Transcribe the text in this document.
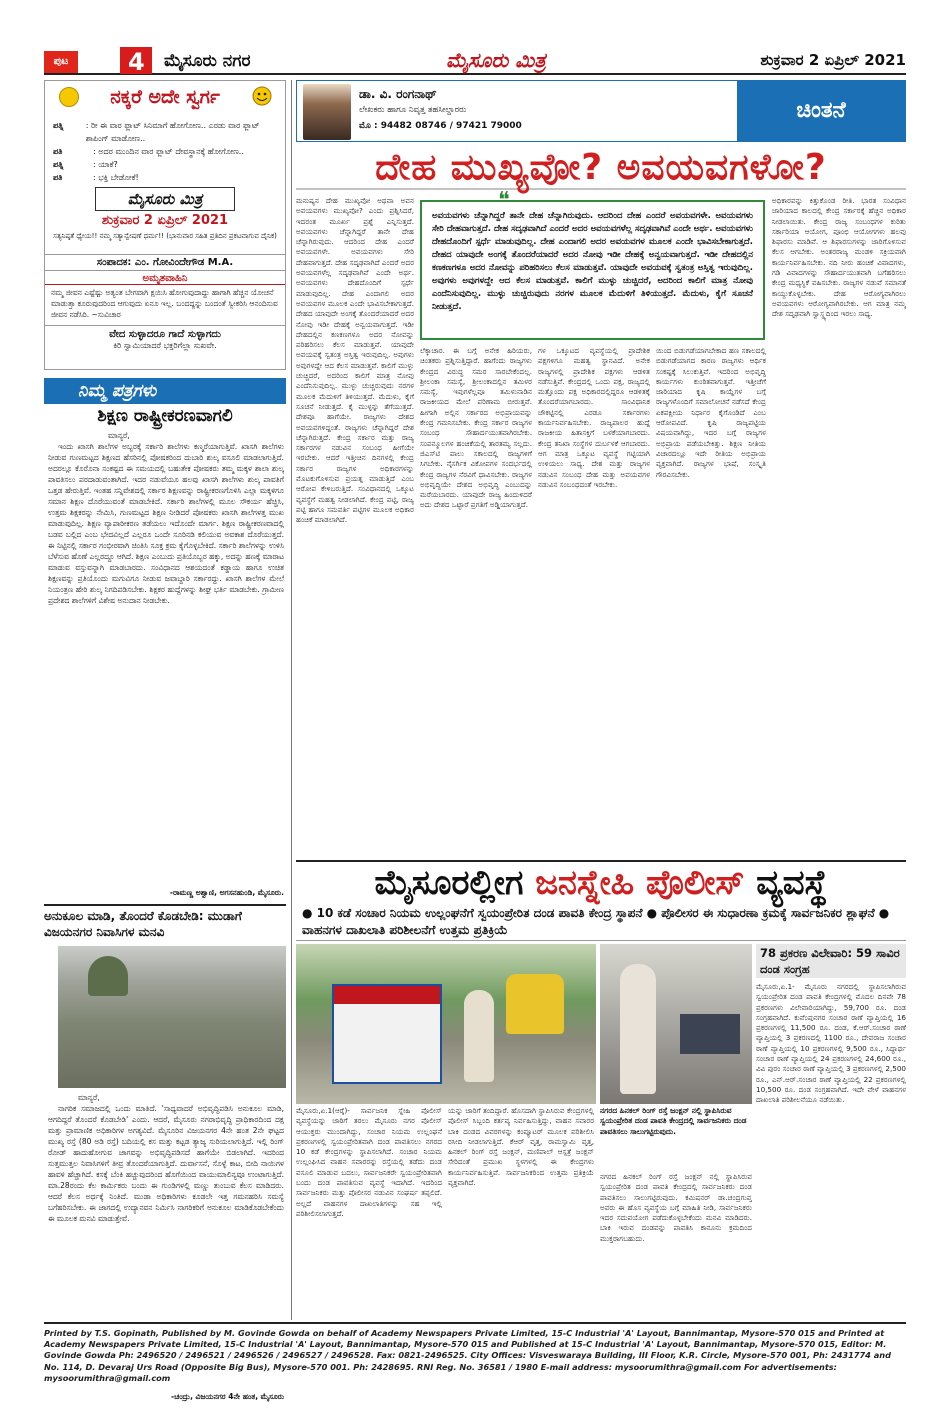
ಪುಟ	4 ಮೈಸೂರು ನಗರ	ಮೈಸೂರು ಮಿತ್ರ	ಶುಕ್ರವಾರ 2 ಏಪ್ರಿಲ್ 2021
ನಕ್ಕರೆ ಅದೇ ಸ್ವರ್ಗ
ಪತ್ನಿ	: ರೀ ಈ ವಾರ ಫ್ಲಾಟ್ ಸಿನಿಮಾಗೆ ಹೋಗೋಣ.. ಎರಡು ವಾರ ಫ್ಲಾಟ್ ಶಾಪಿಂಗ್ ಮಾಡೋಣ..
ಪತಿ	: ಅದರ ಮುಂದಿನ ವಾರ ಫ್ಲಾಟ್ ದೇವಸ್ಥಾನಕ್ಕೆ ಹೋಗೋಣ..
ಪತ್ನಿ	: ಯಾಕೆ?
ಪತಿ	: ಭಕ್ತಿ ಬೇಡೋಕೆ!
ಮೈಸೂರು ಮಿತ್ರ
ಶುಕ್ರವಾರ 2 ಏಪ್ರಿಲ್ 2021
ಸತ್ಯನಿಷ್ಠತೆ ಧ್ಯೇಯ!! ನಮ್ಮ ಸತ್ಯಾನ್ವೇಷಣೆ ಧರ್ಮ!! (ಭಾನುವಾರ ಸಹಿತ ಪ್ರತಿದಿನ ಪ್ರಕಟವಾಗುವ ದೈನಿಕ)
ಸಂಪಾದಕ: ಎಂ. ಗೋವಿಂದೇಗೌಡ M.A.
ಅಮೃತವಾಹಿನಿ
ನಮ್ಮ ಜೀವನ ಎಷ್ಟೆಷ್ಟು ಅತ್ಯಂತ ಬೇಗವಾಗಿ ಕ್ಷಯಿಸಿ ಹೋಗುವುದಾದ್ದು ಹಾಗಾಗಿ ಹೆಚ್ಚಿನ ಯೋಚನೆ ಮಾಡುತ್ತಾ ಕೂರುವುದರಿಂದ ಆಗುವುದು ಏನೂ ಇಲ್ಲ. ಬಂದದ್ದನ್ನು ಬಂದಂತೆ ಸ್ವೀಕರಿಸಿ ಆನಂದಿಸುವ ಜೀವನ ನಡೆಸಿರಿ. ~ಸುವಿಚಾರ
ವೇದ ಸುಳ್ಳಾದರೂ ಗಾದೆ ಸುಳ್ಳಾಗದು
ಕಿರಿ ಸ್ವಾಮಿಯಾದರೆ ಭಕ್ತರಿಗೆಲ್ಲಾ ಸುಖವೇ.
ನಿಮ್ಮ ಪತ್ರಗಳು
ಶಿಕ್ಷಣ ರಾಷ್ಟ್ರೀಕರಣವಾಗಲಿ
ಮಾನ್ಯರೆ,
ಇಂದು ಖಾಸಗಿ ಶಾಲೆಗಳ ಅಬ್ಬರಕ್ಕೆ ಸರ್ಕಾರಿ ಶಾಲೆಗಳು ಕಣ್ಮರೆಯಾಗುತ್ತಿವೆ. ಖಾಸಗಿ ಶಾಲೆಗಳು ನೀಡುವ ಗುಣಮಟ್ಟದ ಶಿಕ್ಷಣದ ಹೆಸರಿನಲ್ಲಿ ಪೋಷಕರಿಂದ ದುಬಾರಿ ಶುಲ್ಕ ವಸೂಲಿ ಮಾಡಲಾಗುತ್ತಿದೆ. ಅದರಲ್ಲೂ ಕೊರೊನಾ ಸಂಕಷ್ಟದ ಈ ಸಮಯದಲ್ಲಿ ಬಹುತೇಕ ಪೋಷಕರು ತಮ್ಮ ಮಕ್ಕಳ ಶಾಲಾ ಶುಲ್ಕ ಪಾವತಿಸಲು ಪರದಾಡುವಂತಾಗಿದೆ. ಇದರ ನಡುವೆಯೂ ಹಲವು ಖಾಸಗಿ ಶಾಲೆಗಳು ಶುಲ್ಕ ಪಾವತಿಗೆ ಒತ್ತಡ ಹೇರುತ್ತಿವೆ. ಇಂತಹ ಸನ್ನಿವೇಶದಲ್ಲಿ ಸರ್ಕಾರ ಶಿಕ್ಷಣವನ್ನು ರಾಷ್ಟ್ರೀಕರಣಗೊಳಿಸಿ ಎಲ್ಲಾ ಮಕ್ಕಳಿಗೂ ಸಮಾನ ಶಿಕ್ಷಣ ದೊರೆಯುವಂತೆ ಮಾಡಬೇಕಿದೆ. ಸರ್ಕಾರಿ ಶಾಲೆಗಳಲ್ಲಿ ಮೂಲ ಸೌಕರ್ಯ ಹೆಚ್ಚಿಸಿ, ಉತ್ತಮ ಶಿಕ್ಷಕರನ್ನು ನೇಮಿಸಿ, ಗುಣಮಟ್ಟದ ಶಿಕ್ಷಣ ನೀಡಿದರೆ ಪೋಷಕರು ಖಾಸಗಿ ಶಾಲೆಗಳತ್ತ ಮುಖ ಮಾಡುವುದಿಲ್ಲ. ಶಿಕ್ಷಣ ವ್ಯಾಪಾರೀಕರಣ ತಡೆಯಲು ಇದೊಂದೇ ಮಾರ್ಗ. ಶಿಕ್ಷಣ ರಾಷ್ಟ್ರೀಕರಣವಾದಲ್ಲಿ ಬಡವ ಬಲ್ಲಿದ ಎಂಬ ಭೇದವಿಲ್ಲದೆ ಎಲ್ಲರೂ ಒಂದೇ ಸೂರಿನಡಿ ಕಲಿಯುವ ಅವಕಾಶ ದೊರೆಯುತ್ತದೆ. ಈ ನಿಟ್ಟಿನಲ್ಲಿ ಸರ್ಕಾರ ಗಂಭೀರವಾಗಿ ಚಿಂತಿಸಿ ಸೂಕ್ತ ಕ್ರಮ ಕೈಗೊಳ್ಳಬೇಕಿದೆ. ಸರ್ಕಾರಿ ಶಾಲೆಗಳನ್ನು ಉಳಿಸಿ ಬೆಳೆಸುವ ಹೊಣೆ ಎಲ್ಲರದ್ದೂ ಆಗಿದೆ. ಶಿಕ್ಷಣ ಎಂಬುದು ಪ್ರತಿಯೊಬ್ಬರ ಹಕ್ಕು, ಅದನ್ನು ಹಣಕ್ಕೆ ಮಾರಾಟ ಮಾಡುವ ವಸ್ತುವನ್ನಾಗಿ ಮಾಡಬಾರದು. ಸಂವಿಧಾನದ ಆಶಯದಂತೆ ಕಡ್ಡಾಯ ಹಾಗೂ ಉಚಿತ ಶಿಕ್ಷಣವನ್ನು ಪ್ರತಿಯೊಂದು ಮಗುವಿಗೂ ನೀಡುವ ಜವಾಬ್ದಾರಿ ಸರ್ಕಾರದ್ದು. ಖಾಸಗಿ ಶಾಲೆಗಳ ಮೇಲೆ ನಿಯಂತ್ರಣ ಹೇರಿ ಶುಲ್ಕ ನಿಗದಿಪಡಿಸಬೇಕು. ಶಿಕ್ಷಕರ ಹುದ್ದೆಗಳನ್ನು ಶೀಘ್ರ ಭರ್ತಿ ಮಾಡಬೇಕು. ಗ್ರಾಮೀಣ ಪ್ರದೇಶದ ಶಾಲೆಗಳಿಗೆ ವಿಶೇಷ ಅನುದಾನ ನೀಡಬೇಕು.
-ರಾಮಣ್ಣ ಅಶ್ವಾಣಿ, ಅಗಸನಹುಂಡಿ, ಮೈಸೂರು.
ಅನುಕೂಲ ಮಾಡಿ, ತೊಂದರೆ ಕೊಡಬೇಡಿ: ಮುಡಾಗೆ ವಿಜಯನಗರ ನಿವಾಸಿಗಳ ಮನವಿ
ಮಾನ್ಯರೆ,
ನಾಗರಿಕ ಸಮಾಜದಲ್ಲಿ ಒಂದು ಮಾತಿದೆ. 'ಸಾಧ್ಯವಾದರೆ ಅಭಿವೃದ್ಧಿಪಡಿಸಿ ಅನುಕೂಲ ಮಾಡಿ, ಆಗದಿದ್ದರೆ ತೊಂದರೆ ಕೊಡಬೇಡಿ' ಎಂದು. ಆದರೆ, ಮೈಸೂರು ನಗರಾಭಿವೃದ್ಧಿ ಪ್ರಾಧಿಕಾರದಿಂದ ದಕ್ಷ ಮತ್ತು ಪ್ರಾಮಾಣಿಕ ಅಧಿಕಾರಿಗಳ ಅಗತ್ಯವಿದೆ. ಮೈಸೂರಿನ ವಿಜಯನಗರ 4ನೇ ಹಂತ 2ನೇ ಘಟ್ಟದ ಮುಖ್ಯ ರಸ್ತೆ (80 ಅಡಿ ರಸ್ತೆ) ಬದಿಯಲ್ಲಿ ಕಸ ಮತ್ತು ಕಟ್ಟಡ ತ್ಯಾಜ್ಯ ಸುರಿಯಲಾಗುತ್ತಿದೆ. ಇಲ್ಲಿ ರಿಂಗ್ ರೋಡ್ ಹಾದುಹೋಗುವ ಜಾಗವನ್ನು ಅಭಿವೃದ್ಧಿಪಡಿಸದೆ ಹಾಗೆಯೇ ಬಿಡಲಾಗಿದೆ. ಇದರಿಂದ ಸುತ್ತಮುತ್ತಲ ನಿವಾಸಿಗಳಿಗೆ ತೀವ್ರ ತೊಂದರೆಯಾಗುತ್ತಿದೆ. ದುರ್ವಾಸನೆ, ಸೊಳ್ಳೆ ಕಾಟ, ಬೀದಿ ನಾಯಿಗಳ ಹಾವಳಿ ಹೆಚ್ಚಾಗಿದೆ. ಕಸಕ್ಕೆ ಬೆಂಕಿ ಹಚ್ಚುವುದರಿಂದ ಹೊಗೆಯಿಂದ ವಾಯುಮಾಲಿನ್ಯವೂ ಉಂಟಾಗುತ್ತಿದೆ. ಮಾ.28ರಂದು ಕೆಲ ಕಾರ್ಮಿಕರು ಬಂದು ಈ ಗುಂಡಿಗಳಲ್ಲಿ ಮಣ್ಣು ತುಂಬುವ ಕೆಲಸ ಮಾಡಿದರು. ಆದರೆ ಕೆಲಸ ಅರ್ಧಕ್ಕೆ ನಿಂತಿದೆ. ಮುಡಾ ಅಧಿಕಾರಿಗಳು ಕೂಡಲೇ ಇತ್ತ ಗಮನಹರಿಸಿ ಸಮಸ್ಯೆ ಬಗೆಹರಿಸಬೇಕು. ಈ ಜಾಗದಲ್ಲಿ ಉದ್ಯಾನವನ ನಿರ್ಮಿಸಿ ನಾಗರಿಕರಿಗೆ ಅನುಕೂಲ ಮಾಡಿಕೊಡಬೇಕೆಂದು ಈ ಮೂಲಕ ಮನವಿ ಮಾಡುತ್ತೇವೆ.
-ಚಂದ್ರು, ವಿಜಯನಗರ 4ನೇ ಹಂತ, ಮೈಸೂರು
ಡಾ. ವಿ. ರಂಗನಾಥ್
ಲೇಖಕರು ಹಾಗೂ ನಿವೃತ್ತ ತಹಸೀಲ್ದಾರರು
ಮೊ : 94482 08746 / 97421 79000
ಚಿಂತನೆ
ದೇಹ ಮುಖ್ಯವೋ? ಅವಯವಗಳೋ?
ಮನುಷ್ಯನ ದೇಹ ಮುಖ್ಯವೋ ಅಥವಾ ಅವನ ಅವಯವಗಳು ಮುಖ್ಯವೋ? ಎಂದು ಪ್ರಶ್ನಿಸಿದರೆ, ಇದರಂತ ಮೂರ್ಖ ಪ್ರಶ್ನೆ ಎನ್ನಿಸುತ್ತದೆ. ಅವಯವಗಳು ಚೆನ್ನಾಗಿದ್ದರೆ ತಾನೇ ದೇಹ ಚೆನ್ನಾಗಿರುವುದು. ಆದರಿಂದ ದೇಹ ಎಂದರೆ ಅವಯವಗಳೇ. ಅವಯವಗಳು ಸೇರಿ ದೇಹವಾಗುತ್ತದೆ. ದೇಹ ಸದೃಢವಾಗಿದೆ ಎಂದರೆ ಅದರ ಅವಯವಗಳೆಲ್ಲ ಸದೃಢವಾಗಿವೆ ಎಂದೇ ಅರ್ಥ. ಅವಯವಗಳು ದೇಹದೊಂದಿಗೆ ಸ್ಪರ್ಧೆ ಮಾಡುವುದಿಲ್ಲ. ದೇಹ ಎಂದಾಗಲಿ ಅದರ ಅವಯವಗಳ ಮೂಲಕ ಎಂದೇ ಭಾವಿಸಬೇಕಾಗುತ್ತದೆ. ದೇಹದ ಯಾವುದೇ ಅಂಗಕ್ಕೆ ತೊಂದರೆಯಾದರೆ ಅದರ ನೋವು ಇಡೀ ದೇಹಕ್ಕೆ ಅನ್ವಯವಾಗುತ್ತದೆ. ಇಡೀ ದೇಹದಲ್ಲಿನ ಕಣಕಣಗಳೂ ಅದರ ನೋವನ್ನು ಪರಿಹರಿಸಲು ಕೆಲಸ ಮಾಡುತ್ತವೆ. ಯಾವುದೇ ಅವಯವಕ್ಕೆ ಸ್ವತಂತ್ರ ಅಸ್ತಿತ್ವ ಇರುವುದಿಲ್ಲ. ಅವುಗಳು ಅವುಗಳದ್ದೇ ಆದ ಕೆಲಸ ಮಾಡುತ್ತವೆ. ಕಾಲಿಗೆ ಮುಳ್ಳು ಚುಚ್ಚಿದರೆ, ಅದರಿಂದ ಕಾಲಿಗೆ ಮಾತ್ರ ನೋವು ಎಂದೆನಿಸುವುದಿಲ್ಲ. ಮುಳ್ಳು ಚುಚ್ಚಿರುವುದು ನರಗಳ ಮೂಲಕ ಮೆದುಳಿಗೆ ತಿಳಿಯುತ್ತದೆ. ಮೆದುಳು, ಕೈಗೆ ಸೂಚನೆ ನೀಡುತ್ತದೆ. ಕೈ ಮುಳ್ಳನ್ನು ತೆಗೆಯುತ್ತದೆ. ದೇಶವೂ ಹಾಗೆಯೇ. ರಾಜ್ಯಗಳು ದೇಶದ ಅವಯವಗಳಿದ್ದಂತೆ. ರಾಜ್ಯಗಳು ಚೆನ್ನಾಗಿದ್ದರೆ ದೇಶ ಚೆನ್ನಾಗಿರುತ್ತದೆ. ಕೇಂದ್ರ ಸರ್ಕಾರ ಮತ್ತು ರಾಜ್ಯ ಸರ್ಕಾರಗಳ ನಡುವಿನ ಸಂಬಂಧ ಹೀಗೆಯೇ ಇರಬೇಕು. ಆದರೆ ಇತ್ತೀಚಿನ ದಿನಗಳಲ್ಲಿ ಕೇಂದ್ರ ಸರ್ಕಾರ ರಾಜ್ಯಗಳ ಅಧಿಕಾರಗಳನ್ನು ಮೊಟಕುಗೊಳಿಸುವ ಪ್ರಯತ್ನ ಮಾಡುತ್ತಿದೆ ಎಂಬ ಆರೋಪ ಕೇಳಿಬರುತ್ತಿದೆ. ಸಂವಿಧಾನದಲ್ಲಿ ಒಕ್ಕೂಟ ವ್ಯವಸ್ಥೆಗೆ ಮಹತ್ವ ನೀಡಲಾಗಿದೆ. ಕೇಂದ್ರ ಪಟ್ಟಿ, ರಾಜ್ಯ ಪಟ್ಟಿ ಹಾಗೂ ಸಮವರ್ತಿ ಪಟ್ಟಿಗಳ ಮೂಲಕ ಅಧಿಕಾರ ಹಂಚಿಕೆ ಮಾಡಲಾಗಿದೆ.
ಅವಯವಗಳು ಚೆನ್ನಾಗಿದ್ದರೆ ತಾನೇ ದೇಹ ಚೆನ್ನಾಗಿರುವುದು. ಆದರಿಂದ ದೇಹ ಎಂದರೆ ಅವಯವಗಳೇ. ಅವಯವಗಳು ಸೇರಿ ದೇಹವಾಗುತ್ತದೆ. ದೇಹ ಸದೃಢವಾಗಿದೆ ಎಂದರೆ ಅದರ ಅವಯವಗಳೆಲ್ಲ ಸದೃಢವಾಗಿವೆ ಎಂದೇ ಅರ್ಥ. ಅವಯವಗಳು ದೇಹದೊಂದಿಗೆ ಸ್ಪರ್ಧೆ ಮಾಡುವುದಿಲ್ಲ. ದೇಹ ಎಂದಾಗಲಿ ಅದರ ಅವಯವಗಳ ಮೂಲಕ ಎಂದೇ ಭಾವಿಸಬೇಕಾಗುತ್ತದೆ. ದೇಹದ ಯಾವುದೇ ಅಂಗಕ್ಕೆ ತೊಂದರೆಯಾದರೆ ಅದರ ನೋವು ಇಡೀ ದೇಹಕ್ಕೆ ಅನ್ವಯವಾಗುತ್ತದೆ. ಇಡೀ ದೇಹದಲ್ಲಿನ ಕಣಕಣಗಳೂ ಅದರ ನೋವನ್ನು ಪರಿಹರಿಸಲು ಕೆಲಸ ಮಾಡುತ್ತವೆ. ಯಾವುದೇ ಅವಯವಕ್ಕೆ ಸ್ವತಂತ್ರ ಅಸ್ತಿತ್ವ ಇರುವುದಿಲ್ಲ. ಅವುಗಳು ಅವುಗಳದ್ದೇ ಆದ ಕೆಲಸ ಮಾಡುತ್ತವೆ. ಕಾಲಿಗೆ ಮುಳ್ಳು ಚುಚ್ಚಿದರೆ, ಅದರಿಂದ ಕಾಲಿಗೆ ಮಾತ್ರ ನೋವು ಎಂದೆನಿಸುವುದಿಲ್ಲ. ಮುಳ್ಳು ಚುಚ್ಚಿರುವುದು ನರಗಳ ಮೂಲಕ ಮೆದುಳಿಗೆ ತಿಳಿಯುತ್ತದೆ. ಮೆದುಳು, ಕೈಗೆ ಸೂಚನೆ ನೀಡುತ್ತದೆ.
ಲೆಕ್ಕಾಚಾರ. ಈ ಬಗ್ಗೆ ಅನೇಕ ಹಿರಿಯರು, ಚಿಂತಕರು ಪ್ರಶ್ನಿಸುತ್ತಿದ್ದಾರೆ. ಹಾಗೆಂದು ರಾಜ್ಯಗಳು ಕೇಂದ್ರದ ವಿರುದ್ಧ ಸಮರ ಸಾರಬೇಕೆಂದಲ್ಲ. ಶ್ರೀಲಂಕಾ ಸಮಸ್ಯೆ, ಶ್ರೀಲಂಕಾದಲ್ಲಿನ ತಮಿಳರ ಸಮಸ್ಯೆ, ಇವುಗಳೆಲ್ಲವೂ ತಮಿಳುನಾಡಿನ ರಾಜಕೀಯದ ಮೇಲೆ ಪರಿಣಾಮ ಬೀರುತ್ತವೆ. ಹೀಗಾಗಿ ಅಲ್ಲಿನ ಸರ್ಕಾರದ ಅಭಿಪ್ರಾಯವನ್ನು ಕೇಂದ್ರ ಗಮನಿಸಬೇಕು. ಕೇಂದ್ರ ಸರ್ಕಾರ ರಾಜ್ಯಗಳ ಸಂಬಂಧ ಸೌಹಾರ್ದಯುತವಾಗಿರಬೇಕು. ಸಂಪನ್ಮೂಲಗಳ ಹಂಚಿಕೆಯಲ್ಲಿ ತಾರತಮ್ಯ ಸಲ್ಲದು. ಜಿಎಸ್‍ಟಿ ಪಾಲು ಸಕಾಲದಲ್ಲಿ ರಾಜ್ಯಗಳಿಗೆ ಸಿಗಬೇಕು. ನೈಸರ್ಗಿಕ ವಿಕೋಪಗಳ ಸಂದರ್ಭದಲ್ಲಿ ಕೇಂದ್ರ ರಾಜ್ಯಗಳ ನೆರವಿಗೆ ಧಾವಿಸಬೇಕು. ರಾಜ್ಯಗಳ ಅಭಿವೃದ್ಧಿಯೇ ದೇಶದ ಅಭಿವೃದ್ಧಿ ಎಂಬುದನ್ನು ಮರೆಯಬಾರದು. ಯಾವುದೇ ರಾಜ್ಯ ಹಿಂದುಳಿದರೆ ಅದು ದೇಶದ ಒಟ್ಟಾರೆ ಪ್ರಗತಿಗೆ ಅಡ್ಡಿಯಾಗುತ್ತದೆ.
ಗಳ ಒಕ್ಕೂಟದ ವ್ಯವಸ್ಥೆಯಲ್ಲಿ ಪ್ರಾದೇಶಿಕ ಪಕ್ಷಗಳಿಗೂ ಮಹತ್ವ ಸ್ಥಾನವಿದೆ. ಅನೇಕ ರಾಜ್ಯಗಳಲ್ಲಿ ಪ್ರಾದೇಶಿಕ ಪಕ್ಷಗಳು ಆಡಳಿತ ನಡೆಸುತ್ತಿವೆ. ಕೇಂದ್ರದಲ್ಲಿ ಒಂದು ಪಕ್ಷ, ರಾಜ್ಯದಲ್ಲಿ ಮತ್ತೊಂದು ಪಕ್ಷ ಅಧಿಕಾರದಲ್ಲಿದ್ದರೂ ಆಡಳಿತಕ್ಕೆ ತೊಂದರೆಯಾಗಬಾರದು. ಸಾಂವಿಧಾನಿಕ ಚೌಕಟ್ಟಿನಲ್ಲಿ ಎರಡೂ ಸರ್ಕಾರಗಳು ಕಾರ್ಯನಿರ್ವಹಿಸಬೇಕು. ರಾಜ್ಯಪಾಲರ ಹುದ್ದೆ ರಾಜಕೀಯ ಹಿತಾಸಕ್ತಿಗೆ ಬಳಕೆಯಾಗಬಾರದು. ಕೇಂದ್ರ ತನಿಖಾ ಸಂಸ್ಥೆಗಳ ದುರ್ಬಳಕೆ ಆಗಬಾರದು. ಆಗ ಮಾತ್ರ ಒಕ್ಕೂಟ ವ್ಯವಸ್ಥೆ ಗಟ್ಟಿಯಾಗಿ ಉಳಿಯಲು ಸಾಧ್ಯ. ದೇಶ ಮತ್ತು ರಾಜ್ಯಗಳ ನಡುವಿನ ಸಂಬಂಧ ದೇಹ ಮತ್ತು ಅವಯವಗಳ ನಡುವಿನ ಸಂಬಂಧದಂತೆ ಇರಬೇಕು.
ಯಿಂದ ಬಿಡುಗಡೆಯಾಗಬೇಕಾದ ಹಣ ಸಕಾಲದಲ್ಲಿ ಬಿಡುಗಡೆಯಾಗದ ಕಾರಣ ರಾಜ್ಯಗಳು ಆರ್ಥಿಕ ಸಂಕಷ್ಟಕ್ಕೆ ಸಿಲುಕುತ್ತಿವೆ. ಇದರಿಂದ ಅಭಿವೃದ್ಧಿ ಕಾರ್ಯಗಳು ಕುಂಠಿತವಾಗುತ್ತವೆ. ಇತ್ತೀಚೆಗೆ ಜಾರಿಯಾದ ಕೃಷಿ ಕಾಯ್ದೆಗಳ ಬಗ್ಗೆ ರಾಜ್ಯಗಳೊಂದಿಗೆ ಸಮಾಲೋಚನೆ ನಡೆಸದೆ ಕೇಂದ್ರ ಏಕಪಕ್ಷೀಯ ನಿರ್ಧಾರ ಕೈಗೊಂಡಿದೆ ಎಂಬ ಆರೋಪವಿದೆ. ಕೃಷಿ ರಾಜ್ಯಪಟ್ಟಿಯ ವಿಷಯವಾಗಿದ್ದು, ಇದರ ಬಗ್ಗೆ ರಾಜ್ಯಗಳ ಅಭಿಪ್ರಾಯ ಪಡೆಯಬೇಕಿತ್ತು. ಶಿಕ್ಷಣ ನೀತಿಯ ವಿಚಾರದಲ್ಲೂ ಇದೇ ರೀತಿಯ ಅಭಿಪ್ರಾಯ ವ್ಯಕ್ತವಾಗಿದೆ. ರಾಜ್ಯಗಳ ಭಾಷೆ, ಸಂಸ್ಕೃತಿ ಗೌರವಿಸಬೇಕು.
ಅಧಿಕಾರವನ್ನು ಕಿತ್ತುಕೊಂಡ ರೀತಿ. ಭಾರತ ಸಂವಿಧಾನ ಜಾರಿಯಾದ ಕಾಲದಲ್ಲಿ ಕೇಂದ್ರ ಸರ್ಕಾರಕ್ಕೆ ಹೆಚ್ಚಿನ ಅಧಿಕಾರ ನೀಡಲಾಯಿತು. ಕೇಂದ್ರ ರಾಜ್ಯ ಸಂಬಂಧಗಳ ಕುರಿತು ಸರ್ಕಾರಿಯಾ ಆಯೋಗ, ಪೂಂಛಿ ಆಯೋಗಗಳು ಹಲವು ಶಿಫಾರಸು ಮಾಡಿವೆ. ಆ ಶಿಫಾರಸುಗಳನ್ನು ಜಾರಿಗೊಳಿಸುವ ಕೆಲಸ ಆಗಬೇಕು. ಅಂತರರಾಜ್ಯ ಮಂಡಳಿ ಸಕ್ರಿಯವಾಗಿ ಕಾರ್ಯನಿರ್ವಹಿಸಬೇಕು. ನದಿ ನೀರು ಹಂಚಿಕೆ ವಿವಾದಗಳು, ಗಡಿ ವಿವಾದಗಳನ್ನು ಸೌಹಾರ್ದಯುತವಾಗಿ ಬಗೆಹರಿಸಲು ಕೇಂದ್ರ ಮಧ್ಯಸ್ಥಿಕೆ ವಹಿಸಬೇಕು. ರಾಜ್ಯಗಳ ನಡುವೆ ಸಮಾನತೆ ಕಾಯ್ದುಕೊಳ್ಳಬೇಕು. ದೇಹ ಆರೋಗ್ಯವಾಗಿರಲು ಅವಯವಗಳು ಆರೋಗ್ಯವಾಗಿರಬೇಕು. ಆಗ ಮಾತ್ರ ನಮ್ಮ ದೇಶ ಸದೃಢವಾಗಿ ಸ್ವಾಸ್ಥ್ಯದಿಂದ ಇರಲು ಸಾಧ್ಯ.
ಮೈಸೂರಲ್ಲೀಗ ಜನಸ್ನೇಹಿ ಪೊಲೀಸ್ ವ್ಯವಸ್ಥೆ
● 10 ಕಡೆ ಸಂಚಾರ ನಿಯಮ ಉಲ್ಲಂಘನೆಗೆ ಸ್ವಯಂಪ್ರೇರಿತ ದಂಡ ಪಾವತಿ ಕೇಂದ್ರ ಸ್ಥಾಪನೆ ● ಪೊಲೀಸರ ಈ ಸುಧಾರಣಾ ಕ್ರಮಕ್ಕೆ ಸಾರ್ವಜನಿಕರ ಶ್ಲಾಘನೆ ● ವಾಹನಗಳ ದಾಖಲಾತಿ ಪರಿಶೀಲನೆಗೆ ಉತ್ತಮ ಪ್ರತಿಕ್ರಿಯೆ
78 ಪ್ರಕರಣ ವಿಲೇವಾರಿ: 59 ಸಾವಿರ ದಂಡ ಸಂಗ್ರಹ
ಮೈಸೂರು,ಏ.1(ಆರ್‍ಕೆ)- ಸಾರ್ವಜನಿಕ ಸ್ನೇಹಿ ಪೊಲೀಸ್ ವ್ಯವಸ್ಥೆಯನ್ನು ಜಾರಿಗೆ ತರಲು ಮೈಸೂರು ನಗರ ಪೊಲೀಸ್ ಆಯುಕ್ತರು ಮುಂದಾಗಿದ್ದು, ಸಂಚಾರ ನಿಯಮ ಉಲ್ಲಂಘನೆ ಪ್ರಕರಣಗಳಲ್ಲಿ ಸ್ವಯಂಪ್ರೇರಿತವಾಗಿ ದಂಡ ಪಾವತಿಸಲು ನಗರದ 10 ಕಡೆ ಕೇಂದ್ರಗಳನ್ನು ಸ್ಥಾಪಿಸಲಾಗಿದೆ. ಸಂಚಾರ ನಿಯಮ ಉಲ್ಲಂಘಿಸಿದ ವಾಹನ ಸವಾರರನ್ನು ರಸ್ತೆಯಲ್ಲಿ ತಡೆದು ದಂಡ ವಸೂಲಿ ಮಾಡುವ ಬದಲು, ಸಾರ್ವಜನಿಕರೇ ಸ್ವಯಂಪ್ರೇರಿತವಾಗಿ ಬಂದು ದಂಡ ಪಾವತಿಸುವ ವ್ಯವಸ್ಥೆ ಇದಾಗಿದೆ. ಇದರಿಂದ ಸಾರ್ವಜನಿಕರು ಮತ್ತು ಪೊಲೀಸರ ನಡುವಿನ ಸಂಘರ್ಷ ತಪ್ಪಲಿದೆ. ಅಲ್ಲದೆ ವಾಹನಗಳ ದಾಖಲಾತಿಗಳನ್ನು ಸಹ ಇಲ್ಲಿ ಪರಿಶೀಲಿಸಲಾಗುತ್ತದೆ.
ಯನ್ನು ಜಾರಿಗೆ ತಂದಿದ್ದಾರೆ. ಹೊಸದಾಗಿ ಸ್ಥಾಪಿಸಿರುವ ಕೇಂದ್ರಗಳಲ್ಲಿ ಪೊಲೀಸ್ ಸಿಬ್ಬಂದಿ ಕರ್ತವ್ಯ ನಿರ್ವಹಿಸುತ್ತಿದ್ದು, ವಾಹನ ಸವಾರರ ಬಾಕಿ ದಂಡದ ವಿವರಗಳನ್ನು ಕಂಪ್ಯೂಟರ್ ಮೂಲಕ ಪರಿಶೀಲಿಸಿ ರಸೀದಿ ನೀಡಲಾಗುತ್ತಿದೆ. ಕೆಆರ್ ವೃತ್ತ, ರಾಮಸ್ವಾಮಿ ವೃತ್ತ, ಹಿನಕಲ್ ರಿಂಗ್ ರಸ್ತೆ ಜಂಕ್ಷನ್, ಮಣಿಪಾಲ್ ಆಸ್ಪತ್ರೆ ಜಂಕ್ಷನ್ ಸೇರಿದಂತೆ ಪ್ರಮುಖ ಸ್ಥಳಗಳಲ್ಲಿ ಈ ಕೇಂದ್ರಗಳು ಕಾರ್ಯನಿರ್ವಹಿಸುತ್ತಿವೆ. ಸಾರ್ವಜನಿಕರಿಂದ ಉತ್ತಮ ಪ್ರತಿಕ್ರಿಯೆ ವ್ಯಕ್ತವಾಗಿದೆ.
ನಗರದ ಹಿನಕಲ್ ರಿಂಗ್ ರಸ್ತೆ ಜಂಕ್ಷನ್ ನಲ್ಲಿ ಸ್ಥಾಪಿಸಿರುವ ಸ್ವಯಂಪ್ರೇರಿತ ದಂಡ ಪಾವತಿ ಕೇಂದ್ರದಲ್ಲಿ ಸಾರ್ವಜನಿಕರು ದಂಡ ಪಾವತಿಸಲು ಸಾಲುಗಟ್ಟಿರುವುದು.
ನಗರದ ಹಿನಕಲ್ ರಿಂಗ್ ರಸ್ತೆ ಜಂಕ್ಷನ್ ನಲ್ಲಿ ಸ್ಥಾಪಿಸಿರುವ ಸ್ವಯಂಪ್ರೇರಿತ ದಂಡ ಪಾವತಿ ಕೇಂದ್ರದಲ್ಲಿ ಸಾರ್ವಜನಿಕರು ದಂಡ ಪಾವತಿಸಲು ಸಾಲುಗಟ್ಟಿರುವುದು. ಕಮಿಷನರ್ ಡಾ.ಚಂದ್ರಗುಪ್ತ ಅವರು ಈ ಹೊಸ ವ್ಯವಸ್ಥೆಯ ಬಗ್ಗೆ ಮಾಹಿತಿ ನೀಡಿ, ಸಾರ್ವಜನಿಕರು ಇದರ ಸದುಪಯೋಗ ಪಡೆದುಕೊಳ್ಳಬೇಕೆಂದು ಮನವಿ ಮಾಡಿದರು. ಬಾಕಿ ಇರುವ ದಂಡವನ್ನು ಪಾವತಿಸಿ ಕಾನೂನು ಕ್ರಮದಿಂದ ಮುಕ್ತರಾಗಬಹುದು.
ಮೈಸೂರು,ಏ.1- ಮೈಸೂರು ನಗರದಲ್ಲಿ ಸ್ಥಾಪಿಸಲಾಗಿರುವ ಸ್ವಯಂಪ್ರೇರಿತ ದಂಡ ಪಾವತಿ ಕೇಂದ್ರಗಳಲ್ಲಿ ಮೊದಲ ದಿನವೇ 78 ಪ್ರಕರಣಗಳು ವಿಲೇವಾರಿಯಾಗಿದ್ದು, 59,700 ರೂ. ದಂಡ ಸಂಗ್ರಹವಾಗಿದೆ. ಕುವೆಂಪುನಗರ ಸಂಚಾರ ಠಾಣೆ ವ್ಯಾಪ್ತಿಯಲ್ಲಿ 16 ಪ್ರಕರಣಗಳಲ್ಲಿ 11,500 ರೂ. ದಂಡ, ಕೆ.ಆರ್.ಸಂಚಾರ ಠಾಣೆ ವ್ಯಾಪ್ತಿಯಲ್ಲಿ 3 ಪ್ರಕರಣದಲ್ಲಿ 1100 ರೂ., ದೇವರಾಜ ಸಂಚಾರ ಠಾಣೆ ವ್ಯಾಪ್ತಿಯಲ್ಲಿ 10 ಪ್ರಕರಣಗಳಲ್ಲಿ 9,500 ರೂ., ಸಿದ್ಧಾರ್ಥ ಸಂಚಾರ ಠಾಣೆ ವ್ಯಾಪ್ತಿಯಲ್ಲಿ 24 ಪ್ರಕರಣಗಳಲ್ಲಿ 24,600 ರೂ., ವಿವಿ ಪುರಂ ಸಂಚಾರ ಠಾಣೆ ವ್ಯಾಪ್ತಿಯಲ್ಲಿ 3 ಪ್ರಕರಣಗಳಲ್ಲಿ 2,500 ರೂ., ಎನ್.ಆರ್.ಸಂಚಾರ ಠಾಣೆ ವ್ಯಾಪ್ತಿಯಲ್ಲಿ 22 ಪ್ರಕರಣಗಳಲ್ಲಿ 10,500 ರೂ. ದಂಡ ಸಂಗ್ರಹವಾಗಿದೆ. ಇದೇ ವೇಳೆ ವಾಹನಗಳ ದಾಖಲಾತಿ ಪರಿಶೀಲನೆಯೂ ನಡೆಯಿತು.
Printed by T.S. Gopinath, Published by M. Govinde Gowda on behalf of Academy Newspapers Private Limited, 15-C Industrial 'A' Layout, Bannimantap, Mysore-570 015 and Printed at Academy Newspapers Private Limited, 15-C Industrial 'A' Layout, Bannimantap, Mysore-570 015 and Published at 15-C Industrial 'A' Layout, Bannimantap, Mysore-570 015, Editor: M. Govinde Gowda Ph: 2496520 / 2496521 / 2496526 / 2496527 / 2496528. Fax: 0821-2496525. City Offices: Visveswaraya Building, III Floor, K.R. Circle, Mysore-570 001, Ph: 2431774 and No. 114, D. Devaraj Urs Road (Opposite Big Bus), Mysore-570 001. Ph: 2428695. RNI Reg. No. 36581 / 1980 E-mail address: mysoorumithra@gmail.com For advertisements: mysoorumithra@gmail.com
